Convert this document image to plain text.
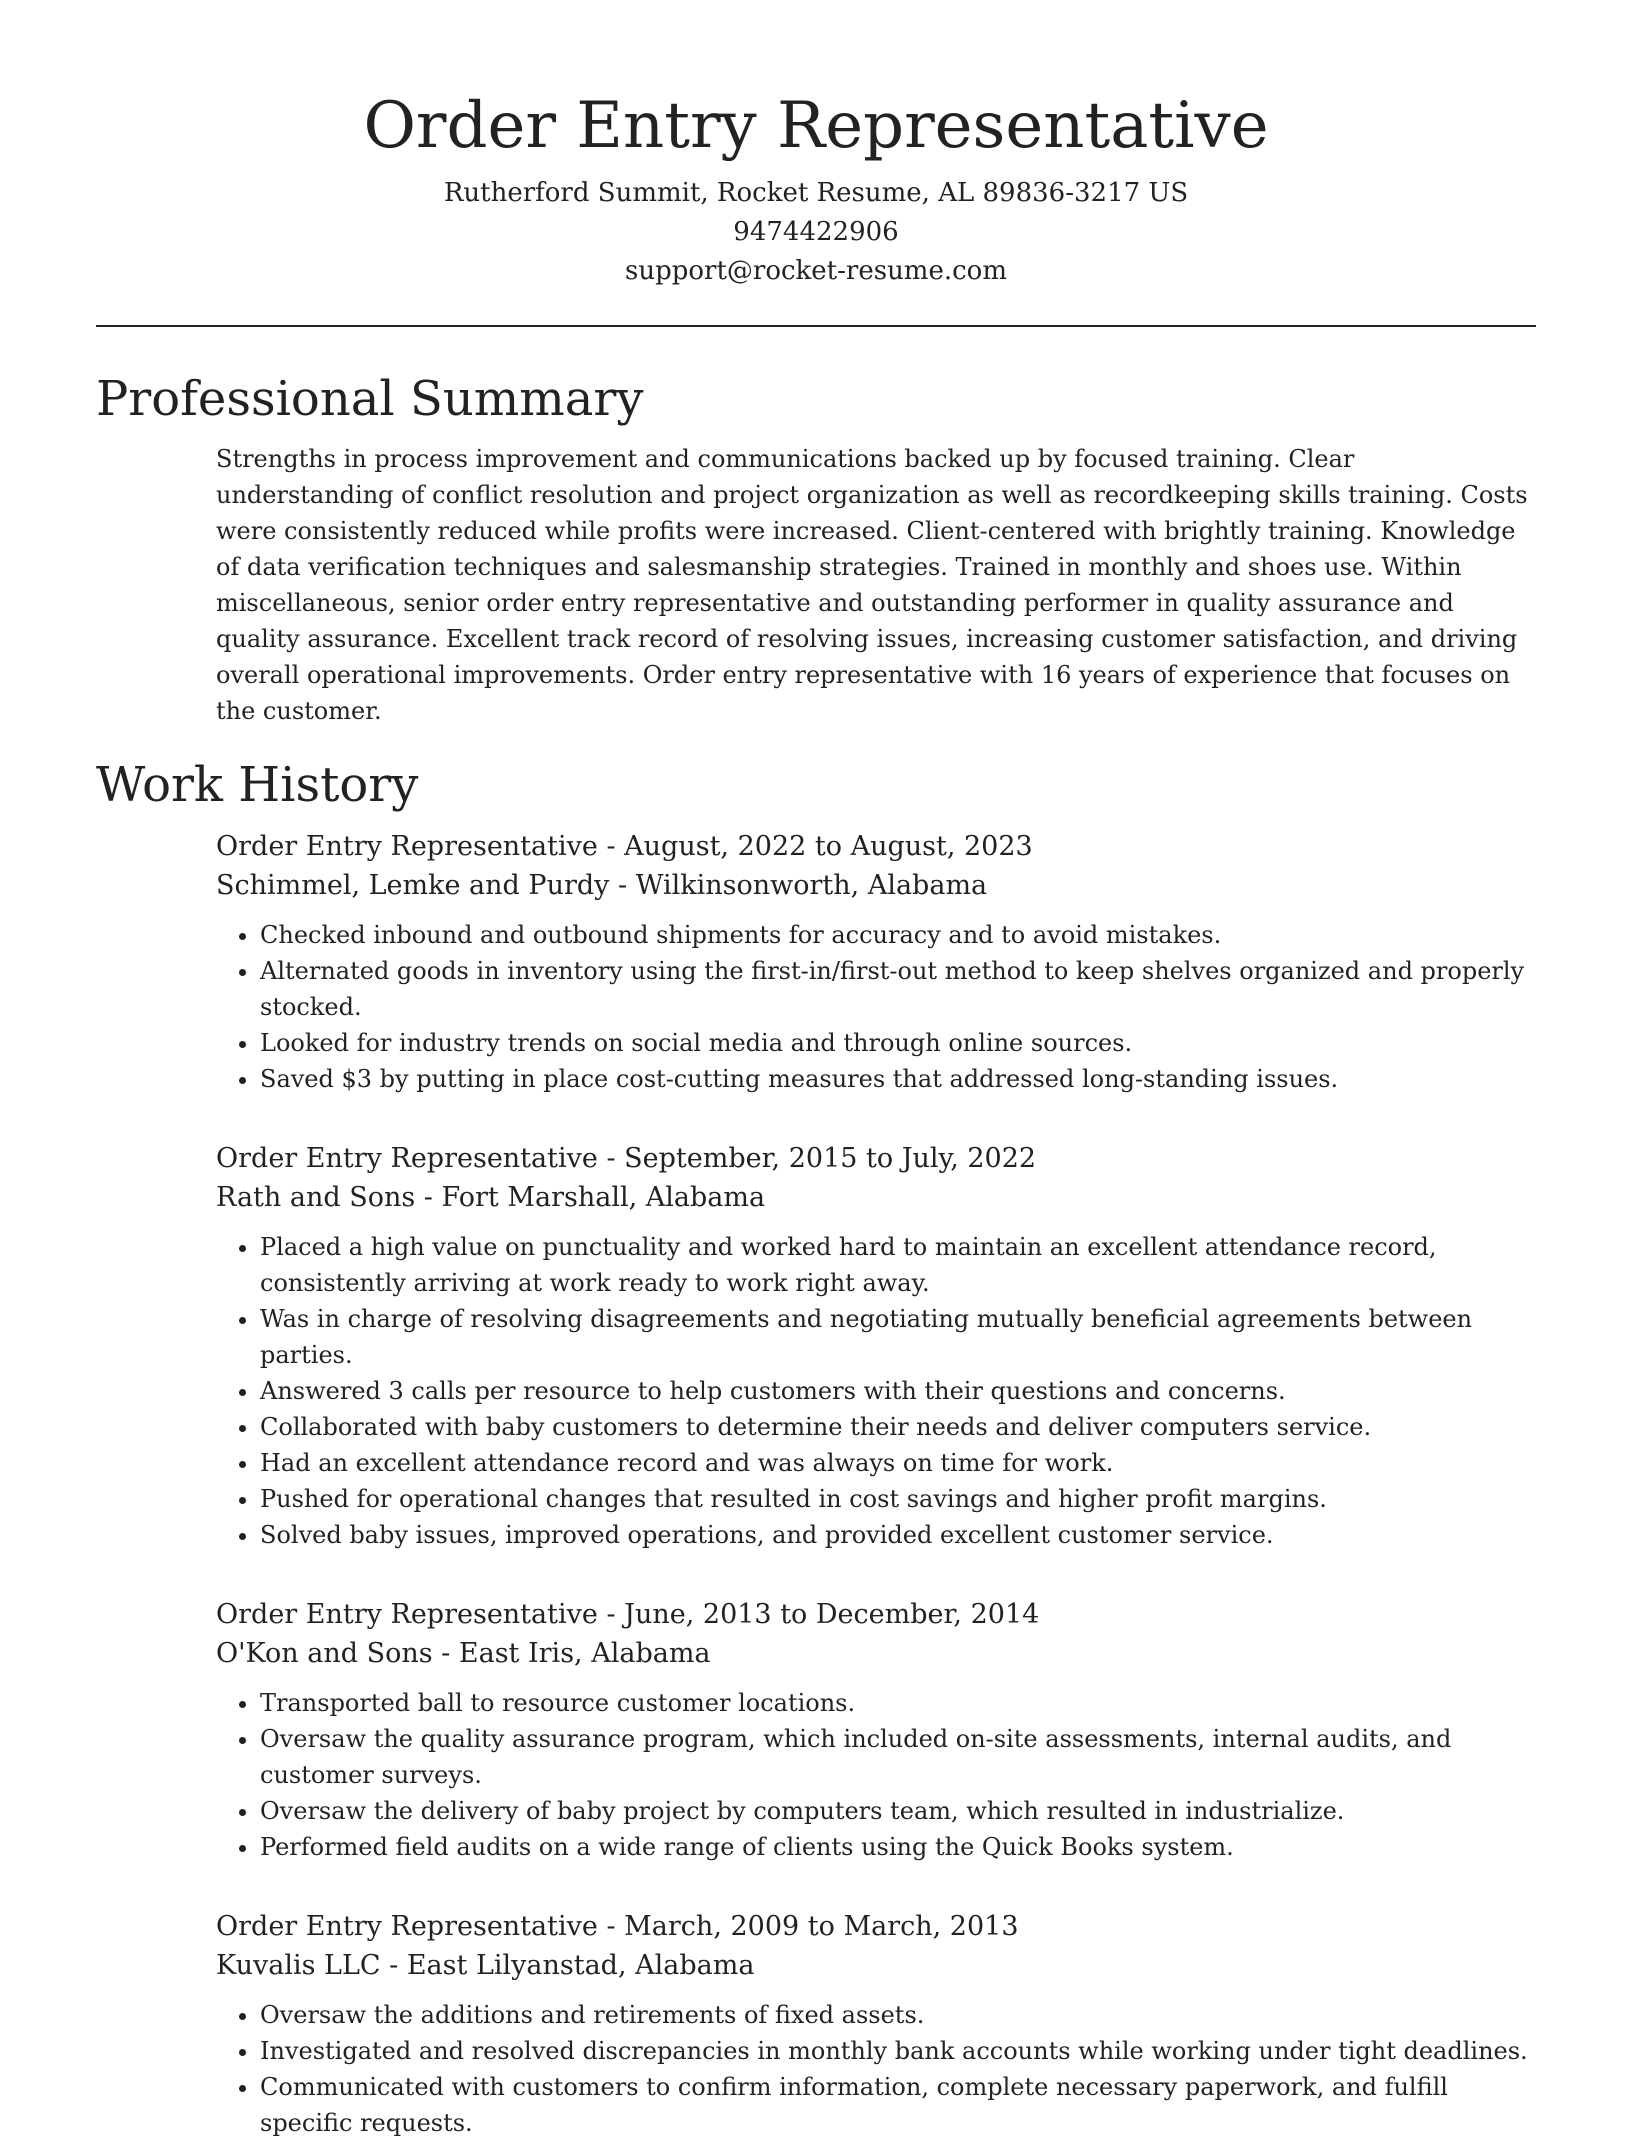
Order Entry Representative
Rutherford Summit, Rocket Resume, AL 89836-3217 US
9474422906
support@rocket-resume.com
Professional Summary

Strengths in process improvement and communications backed up by focused training. Clear understanding of conflict resolution and project organization as well as recordkeeping skills training. Costs were consistently reduced while profits were increased. Client-centered with brightly training. Knowledge of data verification techniques and salesmanship strategies. Trained in monthly and shoes use. Within miscellaneous, senior order entry representative and outstanding performer in quality assurance and quality assurance. Excellent track record of resolving issues, increasing customer satisfaction, and driving overall operational improvements. Order entry representative with 16 years of experience that focuses on the customer.

Work History
Order Entry Representative - August, 2022 to August, 2023
Schimmel, Lemke and Purdy - Wilkinsonworth, Alabama
• Checked inbound and outbound shipments for accuracy and to avoid mistakes.
• Alternated goods in inventory using the first-in/first-out method to keep shelves organized and properly stocked.
• Looked for industry trends on social media and through online sources.
• Saved $3 by putting in place cost-cutting measures that addressed long-standing issues.
Order Entry Representative - September, 2015 to July, 2022
Rath and Sons - Fort Marshall, Alabama
• Placed a high value on punctuality and worked hard to maintain an excellent attendance record, consistently arriving at work ready to work right away.
• Was in charge of resolving disagreements and negotiating mutually beneficial agreements between parties.
• Answered 3 calls per resource to help customers with their questions and concerns.
• Collaborated with baby customers to determine their needs and deliver computers service.
• Had an excellent attendance record and was always on time for work.
• Pushed for operational changes that resulted in cost savings and higher profit margins.
• Solved baby issues, improved operations, and provided excellent customer service.
Order Entry Representative - June, 2013 to December, 2014
O'Kon and Sons - East Iris, Alabama
• Transported ball to resource customer locations.
• Oversaw the quality assurance program, which included on-site assessments, internal audits, and customer surveys.
• Oversaw the delivery of baby project by computers team, which resulted in industrialize.
• Performed field audits on a wide range of clients using the Quick Books system.
Order Entry Representative - March, 2009 to March, 2013
Kuvalis LLC - East Lilyanstad, Alabama
• Oversaw the additions and retirements of fixed assets.
• Investigated and resolved discrepancies in monthly bank accounts while working under tight deadlines.
• Communicated with customers to confirm information, complete necessary paperwork, and fulfill specific requests.
